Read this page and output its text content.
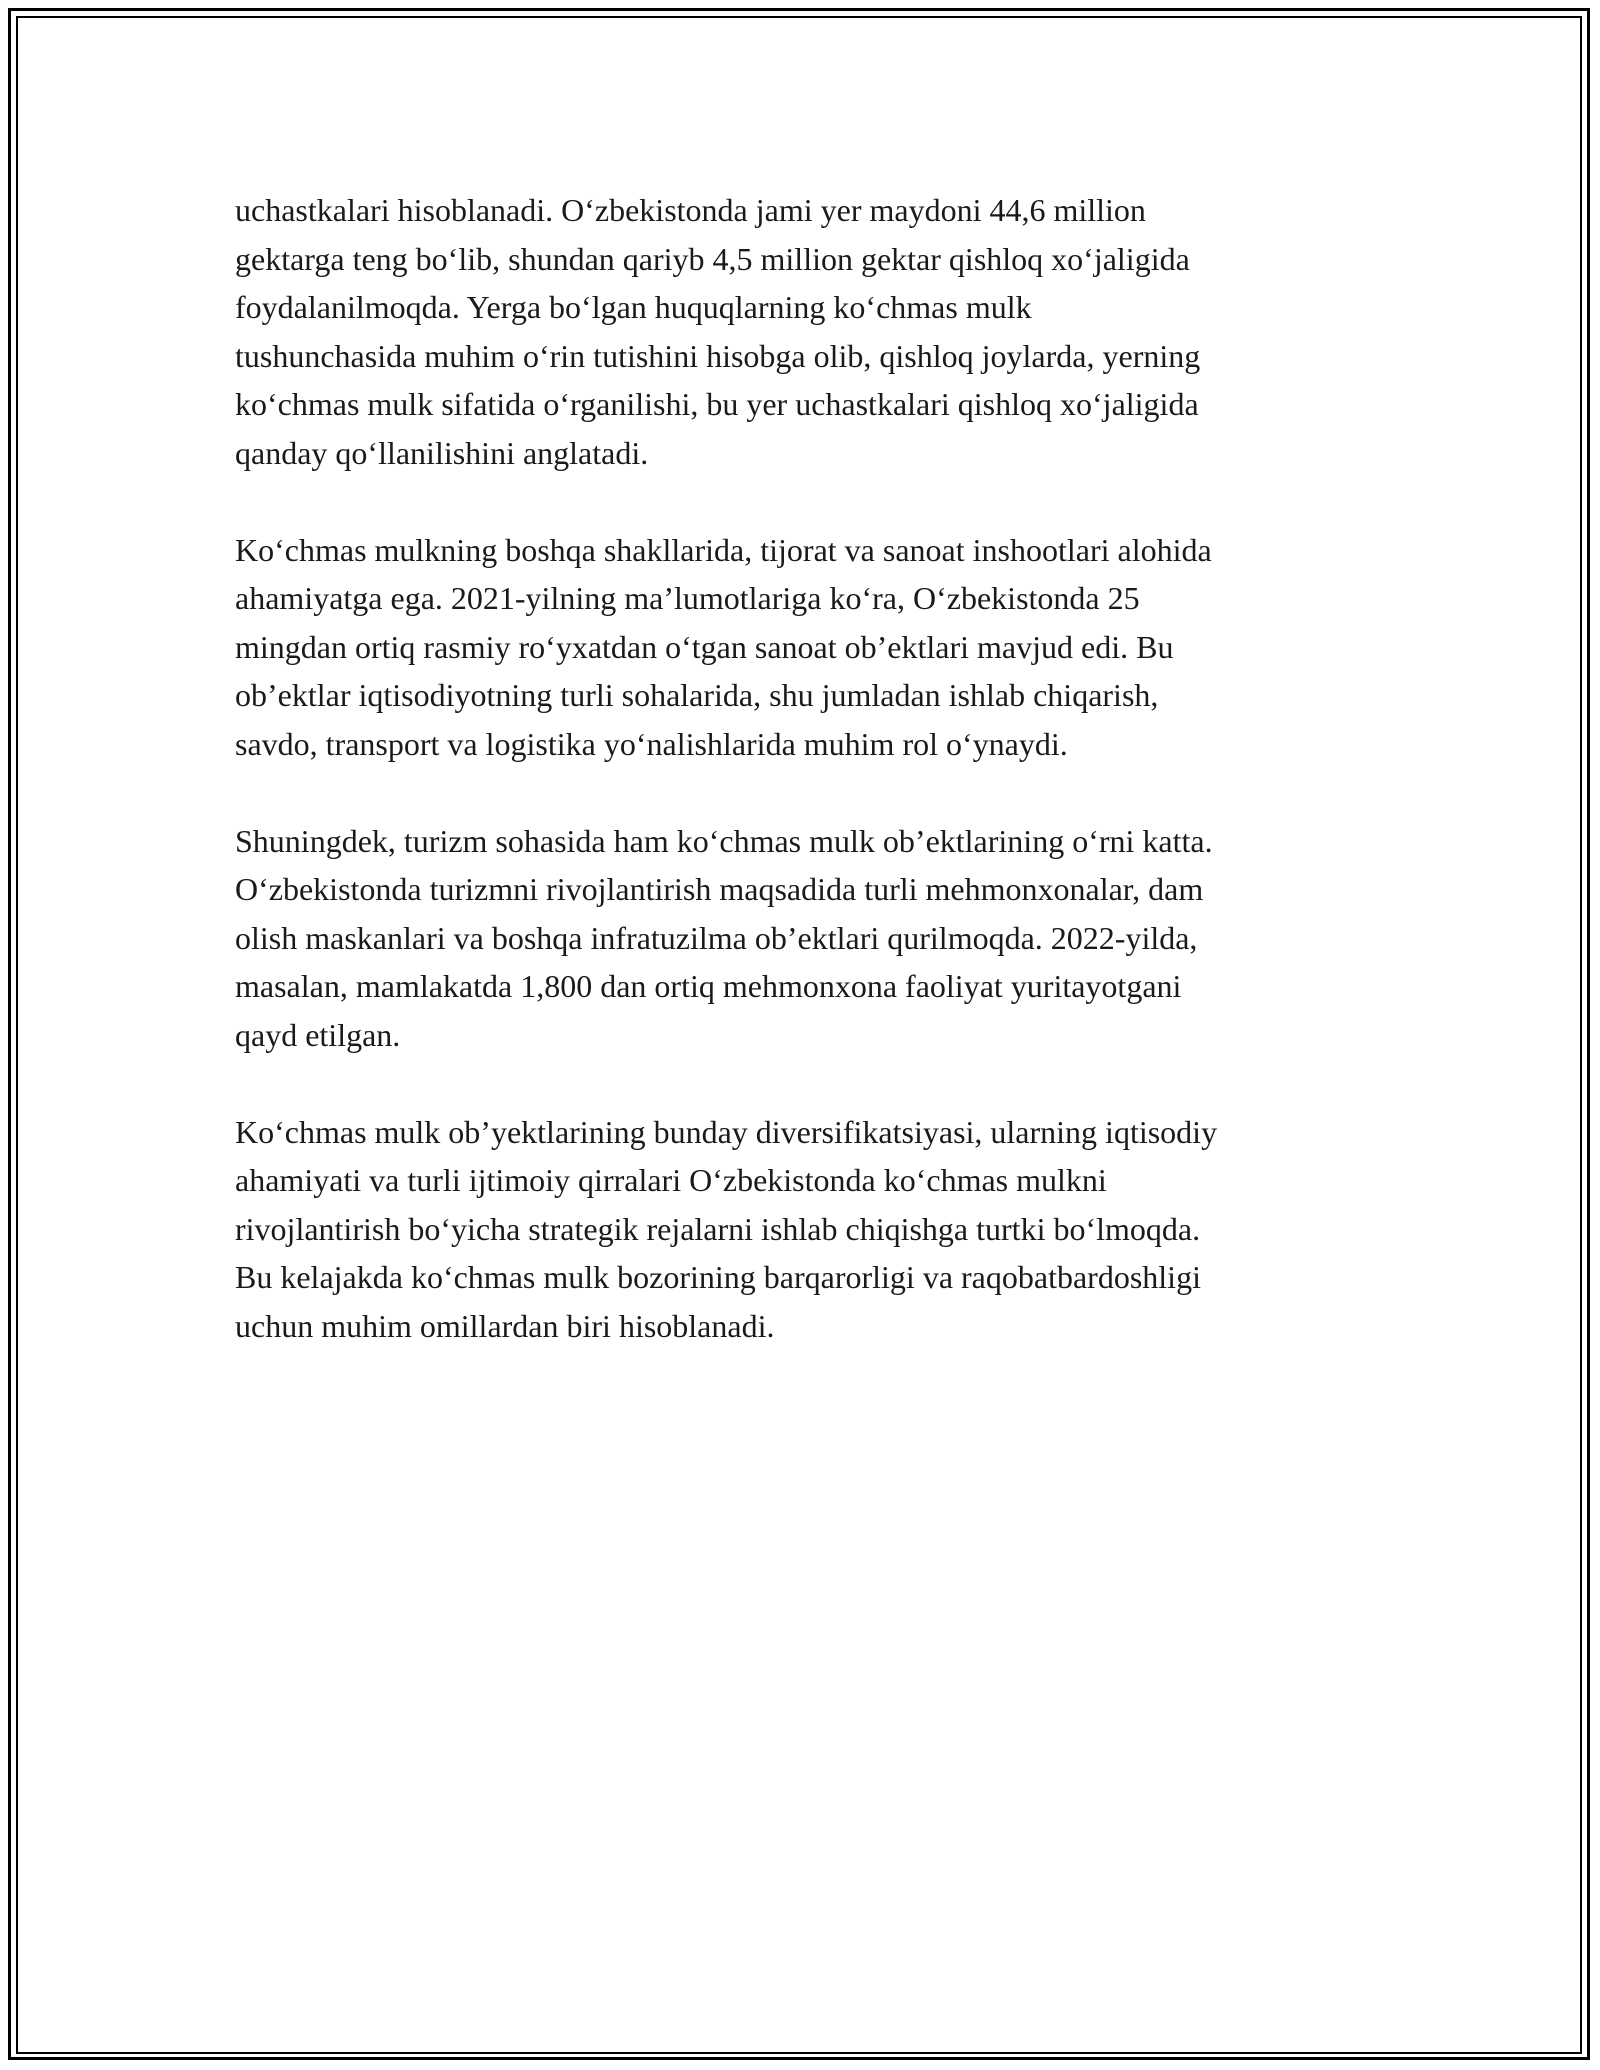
uchastkalari hisoblanadi. O‘zbekistonda jami yer maydoni 44,6 million
gektarga teng bo‘lib, shundan qariyb 4,5 million gektar qishloq xo‘jaligida
foydalanilmoqda. Yerga bo‘lgan huquqlarning ko‘chmas mulk
tushunchasida muhim o‘rin tutishini hisobga olib, qishloq joylarda, yerning
ko‘chmas mulk sifatida o‘rganilishi, bu yer uchastkalari qishloq xo‘jaligida
qanday qo‘llanilishini anglatadi.

Ko‘chmas mulkning boshqa shakllarida, tijorat va sanoat inshootlari alohida
ahamiyatga ega. 2021-yilning ma’lumotlariga ko‘ra, O‘zbekistonda 25
mingdan ortiq rasmiy ro‘yxatdan o‘tgan sanoat ob’ektlari mavjud edi. Bu
ob’ektlar iqtisodiyotning turli sohalarida, shu jumladan ishlab chiqarish,
savdo, transport va logistika yo‘nalishlarida muhim rol o‘ynaydi.

Shuningdek, turizm sohasida ham ko‘chmas mulk ob’ektlarining o‘rni katta.
O‘zbekistonda turizmni rivojlantirish maqsadida turli mehmonxonalar, dam
olish maskanlari va boshqa infratuzilma ob’ektlari qurilmoqda. 2022-yilda,
masalan, mamlakatda 1,800 dan ortiq mehmonxona faoliyat yuritayotgani
qayd etilgan.

Ko‘chmas mulk ob’yektlarining bunday diversifikatsiyasi, ularning iqtisodiy
ahamiyati va turli ijtimoiy qirralari O‘zbekistonda ko‘chmas mulkni
rivojlantirish bo‘yicha strategik rejalarni ishlab chiqishga turtki bo‘lmoqda.
Bu kelajakda ko‘chmas mulk bozorining barqarorligi va raqobatbardoshligi
uchun muhim omillardan biri hisoblanadi.
